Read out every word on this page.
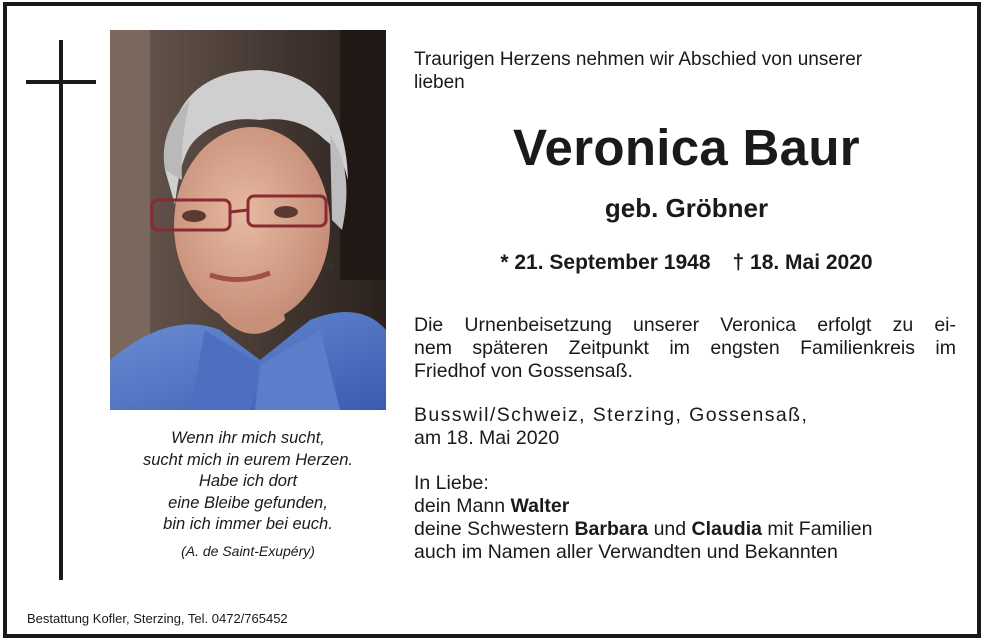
Wenn ihr mich sucht,
sucht mich in eurem Herzen.
Habe ich dort
eine Bleibe gefunden,
bin ich immer bei euch.
(A. de Saint-Exupéry)
Bestattung Kofler, Sterzing, Tel. 0472/765452
Traurigen Herzens nehmen wir Abschied von unserer
lieben
Veronica Baur
geb. Gröbner
* 21. September 1948 † 18. Mai 2020
Die Urnenbeisetzung unserer Veronica erfolgt zu ei-
nem späteren Zeitpunkt im engsten Familienkreis im
Friedhof von Gossensaß.
Busswil/Schweiz, Sterzing, Gossensaß,
am 18. Mai 2020
In Liebe:
dein Mann Walter
deine Schwestern Barbara und Claudia mit Familien
auch im Namen aller Verwandten und Bekannten
